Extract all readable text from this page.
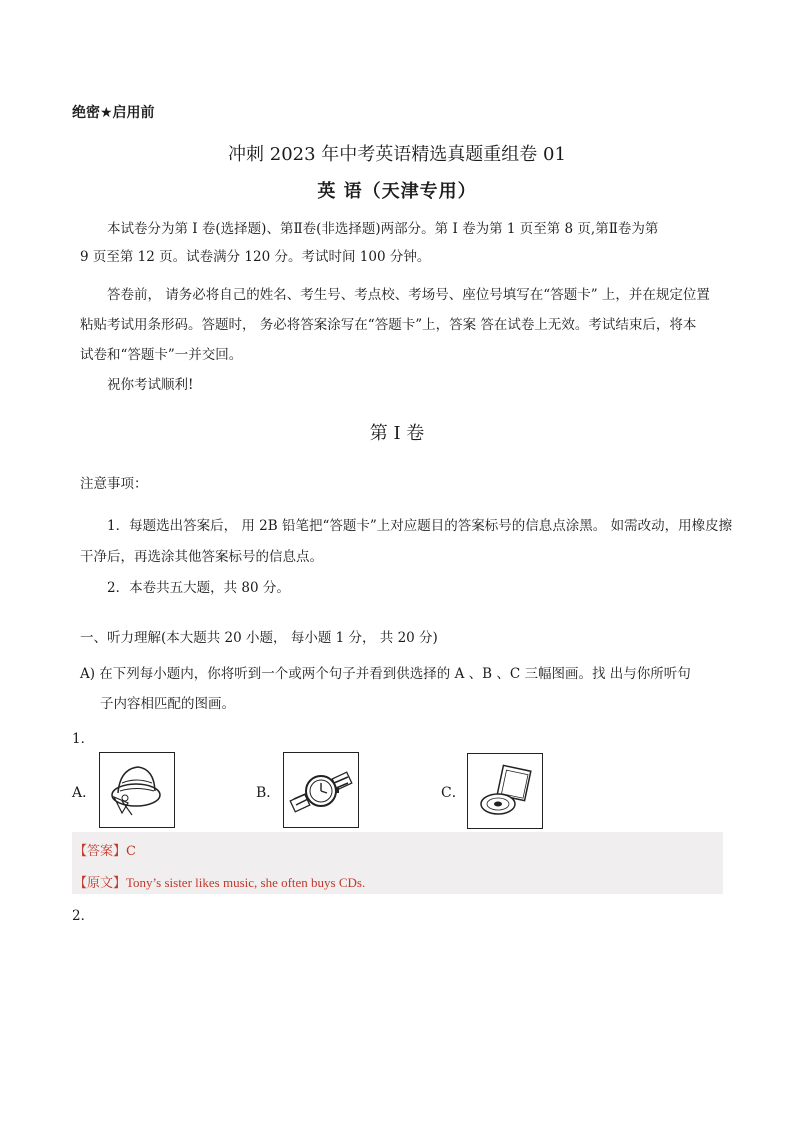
绝密★启用前
冲刺 2023 年中考英语精选真题重组卷 01
英 语（天津专用）
本试卷分为第 I 卷(选择题)、第Ⅱ卷(非选择题)两部分。第 I 卷为第 1 页至第 8 页,第Ⅱ卷为第
9 页至第 12 页。试卷满分 120 分。考试时间 100 分钟。
答卷前， 请务必将自己的姓名、考生号、考点校、考场号、座位号填写在“答题卡” 上，并在规定位置
粘贴考试用条形码。答题时， 务必将答案涂写在“答题卡”上，答案 答在试卷上无效。考试结束后，将本
试卷和“答题卡”一并交回。
祝你考试顺利!
第 I 卷
注意事项：
1．每题选出答案后， 用 2B 铅笔把“答题卡”上对应题目的答案标号的信息点涂黑。 如需改动，用橡皮擦
干净后，再选涂其他答案标号的信息点。
2．本卷共五大题，共 80 分。
一、听力理解(本大题共 20 小题， 每小题 1 分， 共 20 分)
A) 在下列每小题内，你将听到一个或两个句子并看到供选择的 A 、B 、C 三幅图画。找 出与你所听句
子内容相匹配的图画。
1．
A．	B．	C．
【答案】C
【原文】Tony’s sister likes music, she often buys CDs.
2．
